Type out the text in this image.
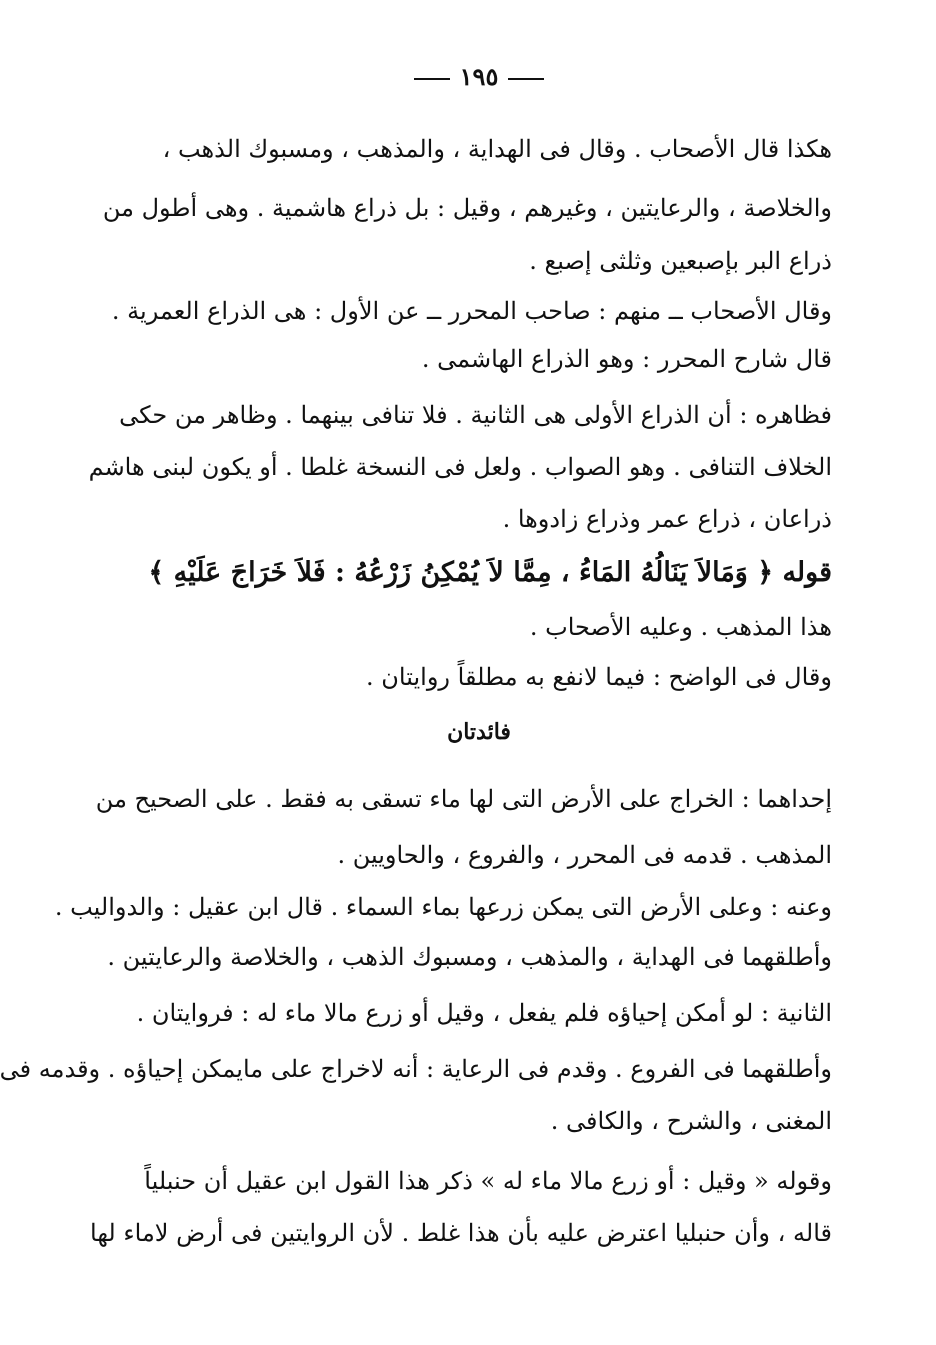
١٩٥
هكذا قال الأصحاب . وقال فى الهداية ، والمذهب ، ومسبوك الذهب ،
والخلاصة ، والرعايتين ، وغيرهم ، وقيل : بل ذراع هاشمية . وهى أطول من
ذراع البر بإصبعين وثلثى إصبع .
وقال الأصحاب ــ منهم : صاحب المحرر ــ عن الأول : هى الذراع العمرية .
قال شارح المحرر : وهو الذراع الهاشمى .
فظاهره : أن الذراع الأولى هى الثانية . فلا تنافى بينهما . وظاهر من حكى
الخلاف التنافى . وهو الصواب . ولعل فى النسخة غلطا . أو يكون لبنى هاشم
ذراعان ، ذراع عمر وذراع زادوها .
قوله ﴿ وَمَالاَ يَنَالُهُ المَاءُ ، مِمَّا لاَ يُمْكِنُ زَرْعُهُ : فَلاَ خَرَاجَ عَلَيْهِ ﴾
هذا المذهب . وعليه الأصحاب .
وقال فى الواضح : فيما لانفع به مطلقاً روايتان .
فائدتان
إحداهما : الخراج على الأرض التى لها ماء تسقى به فقط . على الصحيح من
المذهب . قدمه فى المحرر ، والفروع ، والحاويين .
وعنه : وعلى الأرض التى يمكن زرعها بماء السماء . قال ابن عقيل : والدواليب .
وأطلقهما فى الهداية ، والمذهب ، ومسبوك الذهب ، والخلاصة والرعايتين .
الثانية : لو أمكن إحياؤه فلم يفعل ، وقيل أو زرع مالا ماء له : فروايتان .
وأطلقهما فى الفروع . وقدم فى الرعاية : أنه لاخراج على مايمكن إحياؤه . وقدمه فى
المغنى ، والشرح ، والكافى .
وقوله « وقيل : أو زرع مالا ماء له » ذكر هذا القول ابن عقيل أن حنبلياً
قاله ، وأن حنبليا اعترض عليه بأن هذا غلط . لأن الروايتين فى أرض لاماء لها
